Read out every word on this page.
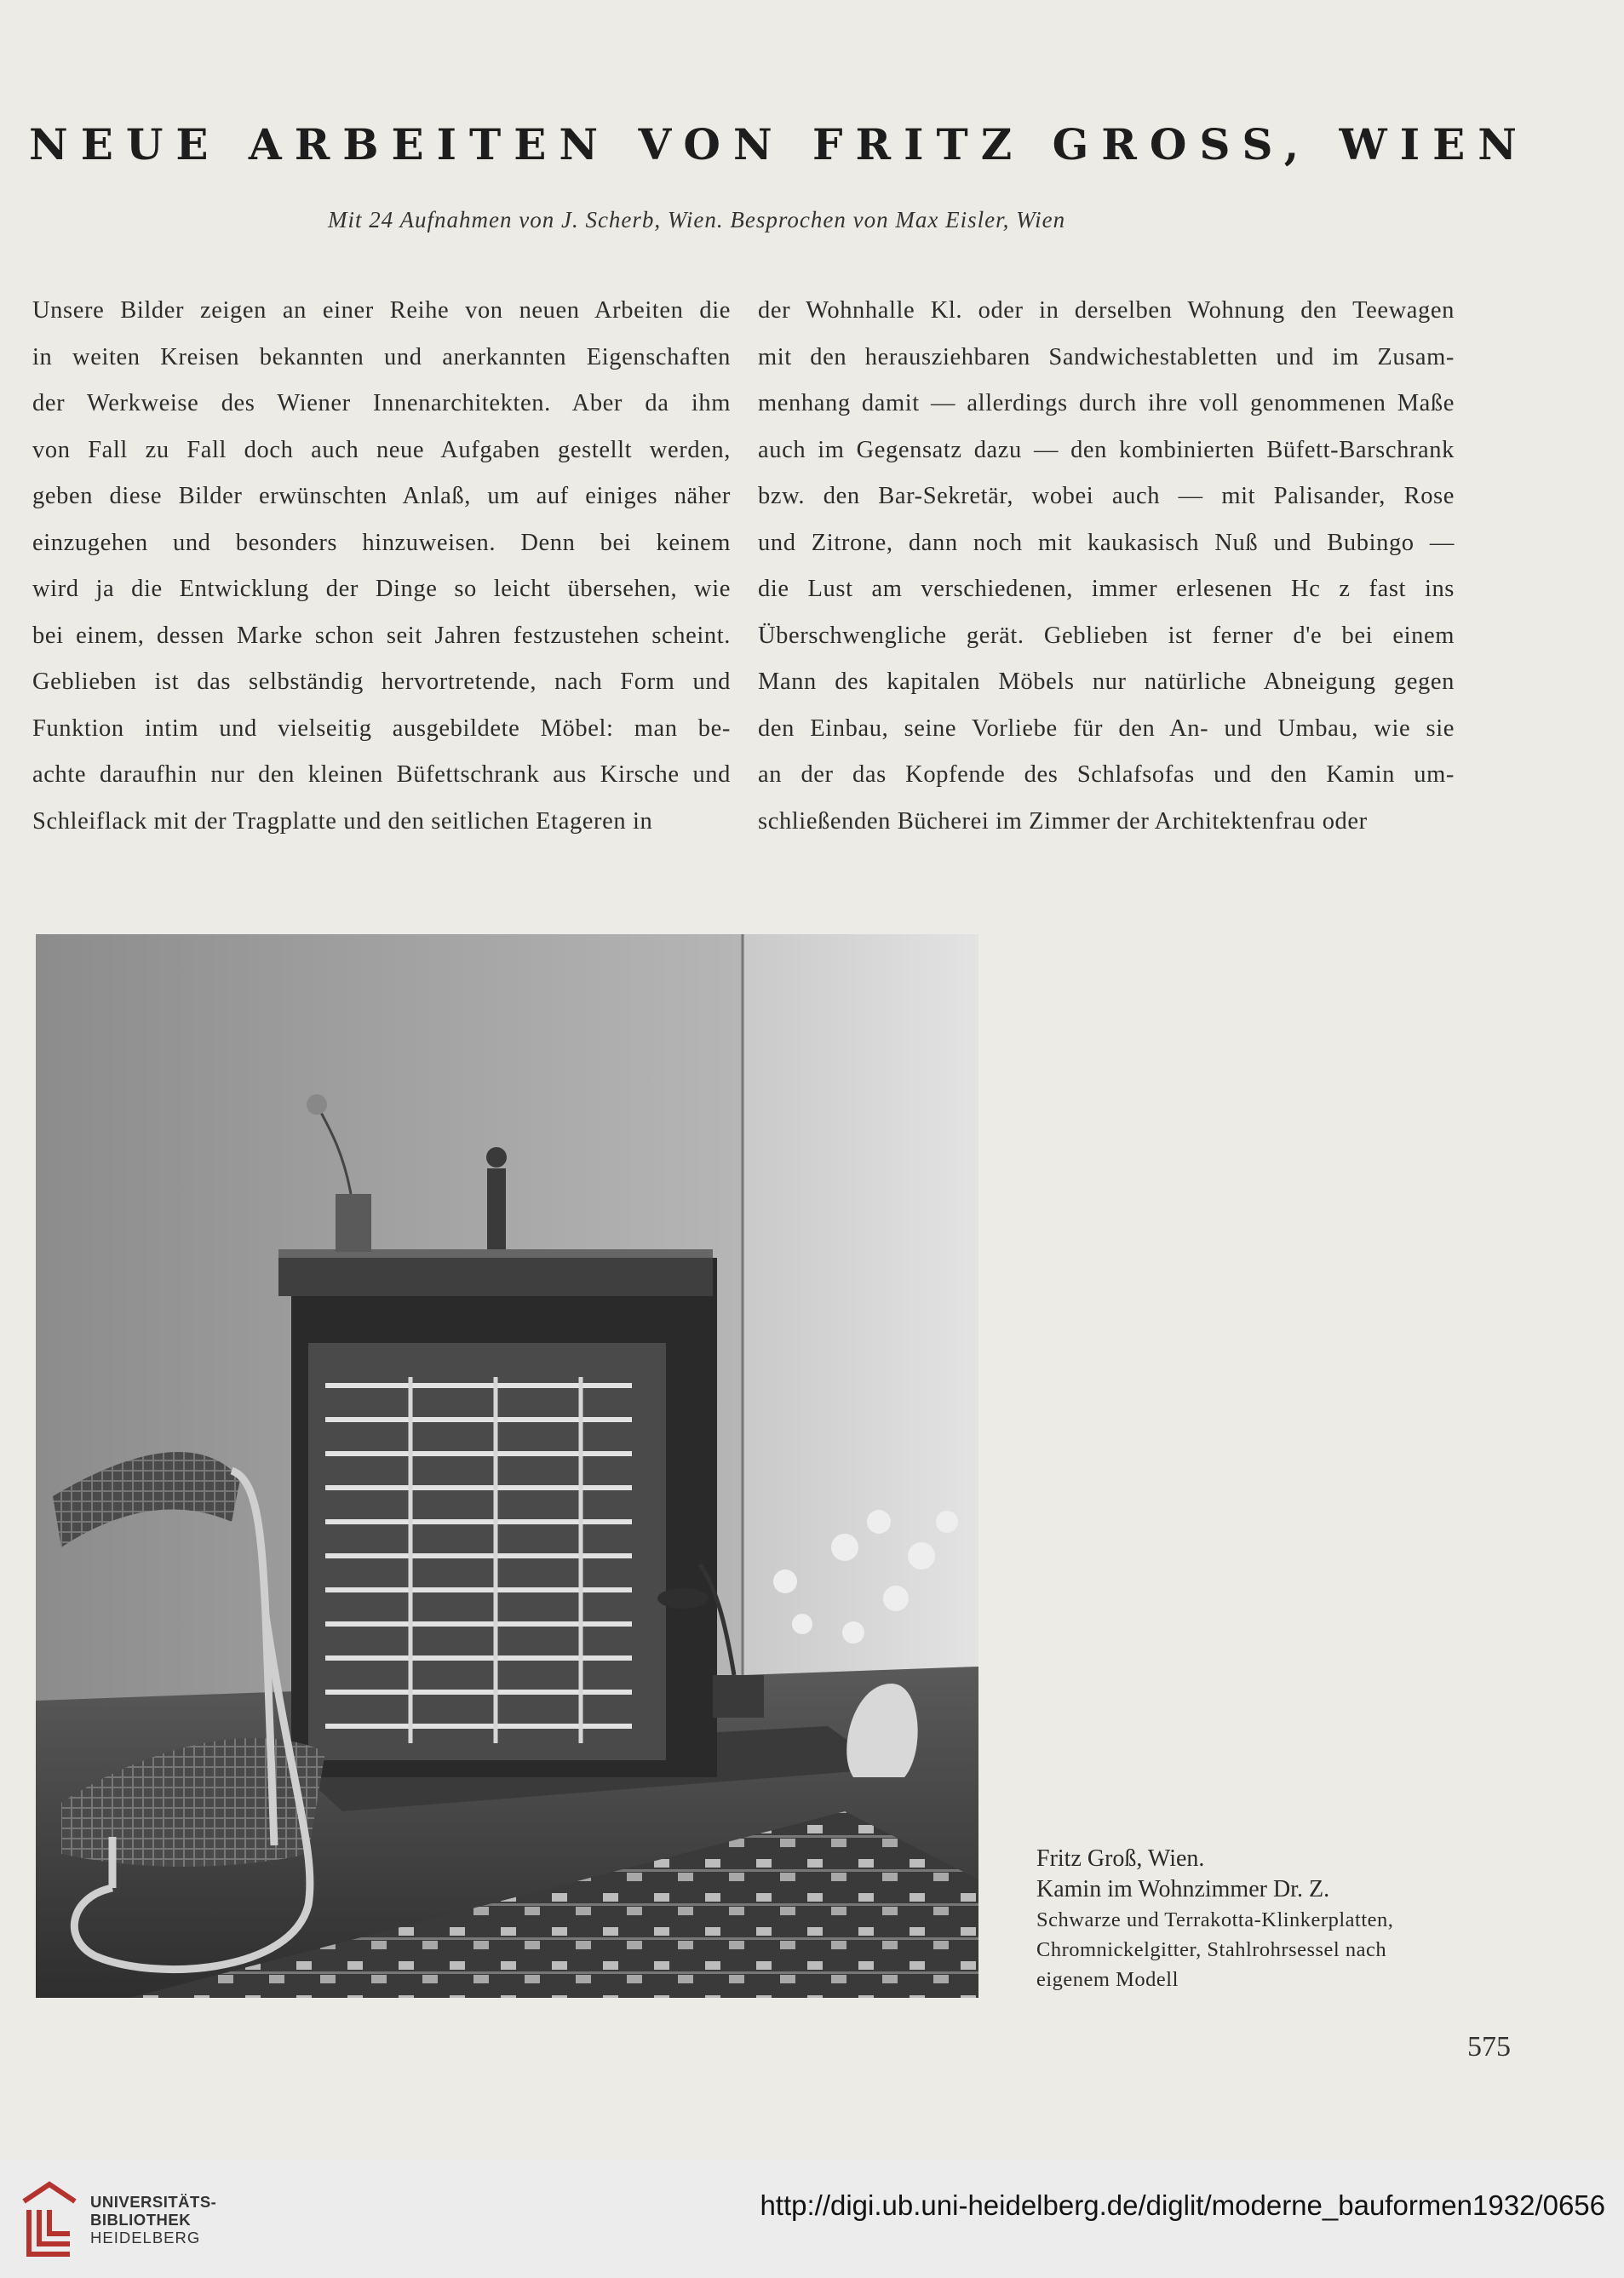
NEUE ARBEITEN VON FRITZ GROSS, WIEN
Mit 24 Aufnahmen von J. Scherb, Wien. Besprochen von Max Eisler, Wien
Unsere Bilder zeigen an einer Reihe von neuen Arbeiten die
in weiten Kreisen bekannten und anerkannten Eigenschaften
der Werkweise des Wiener Innenarchitekten. Aber da ihm
von Fall zu Fall doch auch neue Aufgaben gestellt werden,
geben diese Bilder erwünschten Anlaß, um auf einiges näher
einzugehen und besonders hinzuweisen. Denn bei keinem
wird ja die Entwicklung der Dinge so leicht übersehen, wie
bei einem, dessen Marke schon seit Jahren festzustehen scheint.
Geblieben ist das selbständig hervortretende, nach Form und
Funktion intim und vielseitig ausgebildete Möbel: man be-
achte daraufhin nur den kleinen Büfettschrank aus Kirsche und
Schleiflack mit der Tragplatte und den seitlichen Etageren in
der Wohnhalle Kl. oder in derselben Wohnung den Teewagen
mit den herausziehbaren Sandwichestabletten und im Zusam-
menhang damit — allerdings durch ihre voll genommenen Maße
auch im Gegensatz dazu — den kombinierten Büfett-Barschrank
bzw. den Bar-Sekretär, wobei auch — mit Palisander, Rose
und Zitrone, dann noch mit kaukasisch Nuß und Bubingo —
die Lust am verschiedenen, immer erlesenen Hc z fast ins
Überschwengliche gerät. Geblieben ist ferner d'e bei einem
Mann des kapitalen Möbels nur natürliche Abneigung gegen
den Einbau, seine Vorliebe für den An- und Umbau, wie sie
an der das Kopfende des Schlafsofas und den Kamin um-
schließenden Bücherei im Zimmer der Architektenfrau oder
Fritz Groß, Wien.
Kamin im Wohnzimmer Dr. Z.
Schwarze und Terrakotta-Klinkerplatten,
Chromnickelgitter, Stahlrohrsessel nach
eigenem Modell
575
UNIVERSITÄTS-
BIBLIOTHEK
HEIDELBERG
http://digi.ub.uni-heidelberg.de/diglit/moderne_bauformen1932/0656
